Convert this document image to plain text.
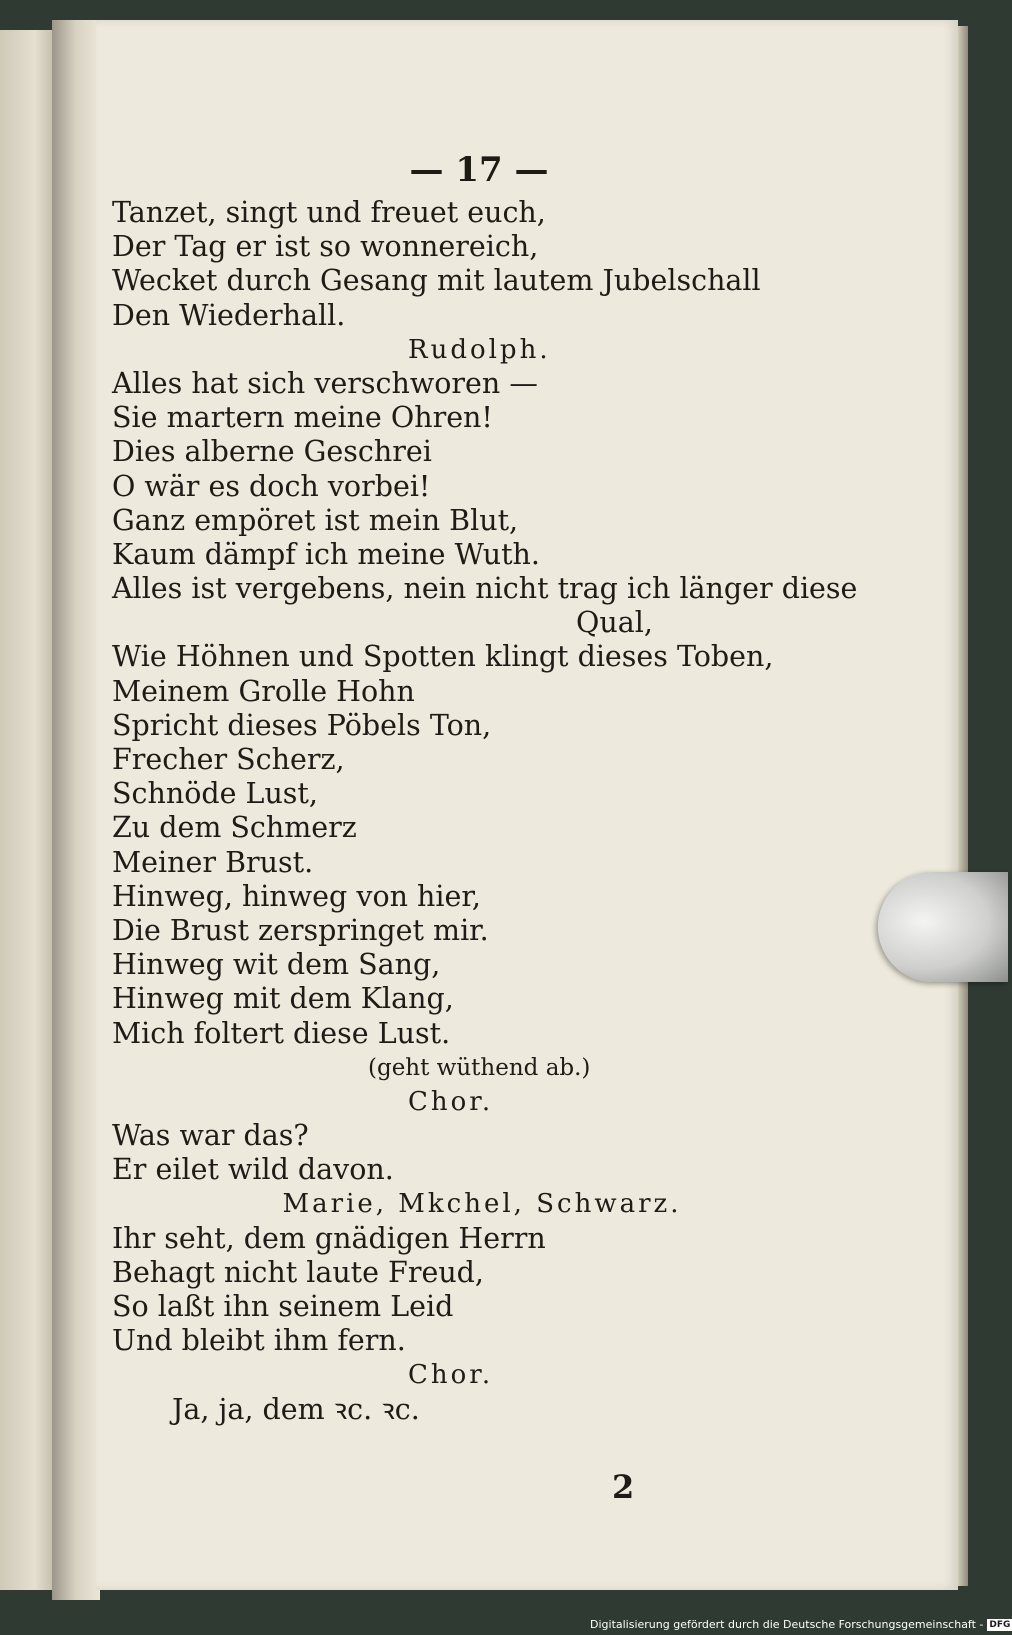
— 17 —
Tanzet, singt und freuet euch,
Der Tag er ist so wonnereich,
Wecket durch Gesang mit lautem Jubelschall
Den Wiederhall.
Rudolph.
Alles hat sich verschworen —
Sie martern meine Ohren!
Dies alberne Geschrei
O wär es doch vorbei!
Ganz empöret ist mein Blut,
Kaum dämpf ich meine Wuth.
Alles ist vergebens, nein nicht trag ich länger diese
Qual,
Wie Höhnen und Spotten klingt dieses Toben,
Meinem Grolle Hohn
Spricht dieses Pöbels Ton,
Frecher Scherz,
Schnöde Lust,
Zu dem Schmerz
Meiner Brust.
Hinweg, hinweg von hier,
Die Brust zerspringet mir.
Hinweg wit dem Sang,
Hinweg mit dem Klang,
Mich foltert diese Lust.
(geht wüthend ab.)
Chor.
Was war das?
Er eilet wild davon.
Marie, Mkchel, Schwarz.
Ihr seht, dem gnädigen Herrn
Behagt nicht laute Freud,
So laßt ihn seinem Leid
Und bleibt ihm fern.
Chor.
Ja, ja, dem ꝛc. ꝛc.
2
Digitalisierung gefördert durch die Deutsche Forschungsgemeinschaft - DFG
